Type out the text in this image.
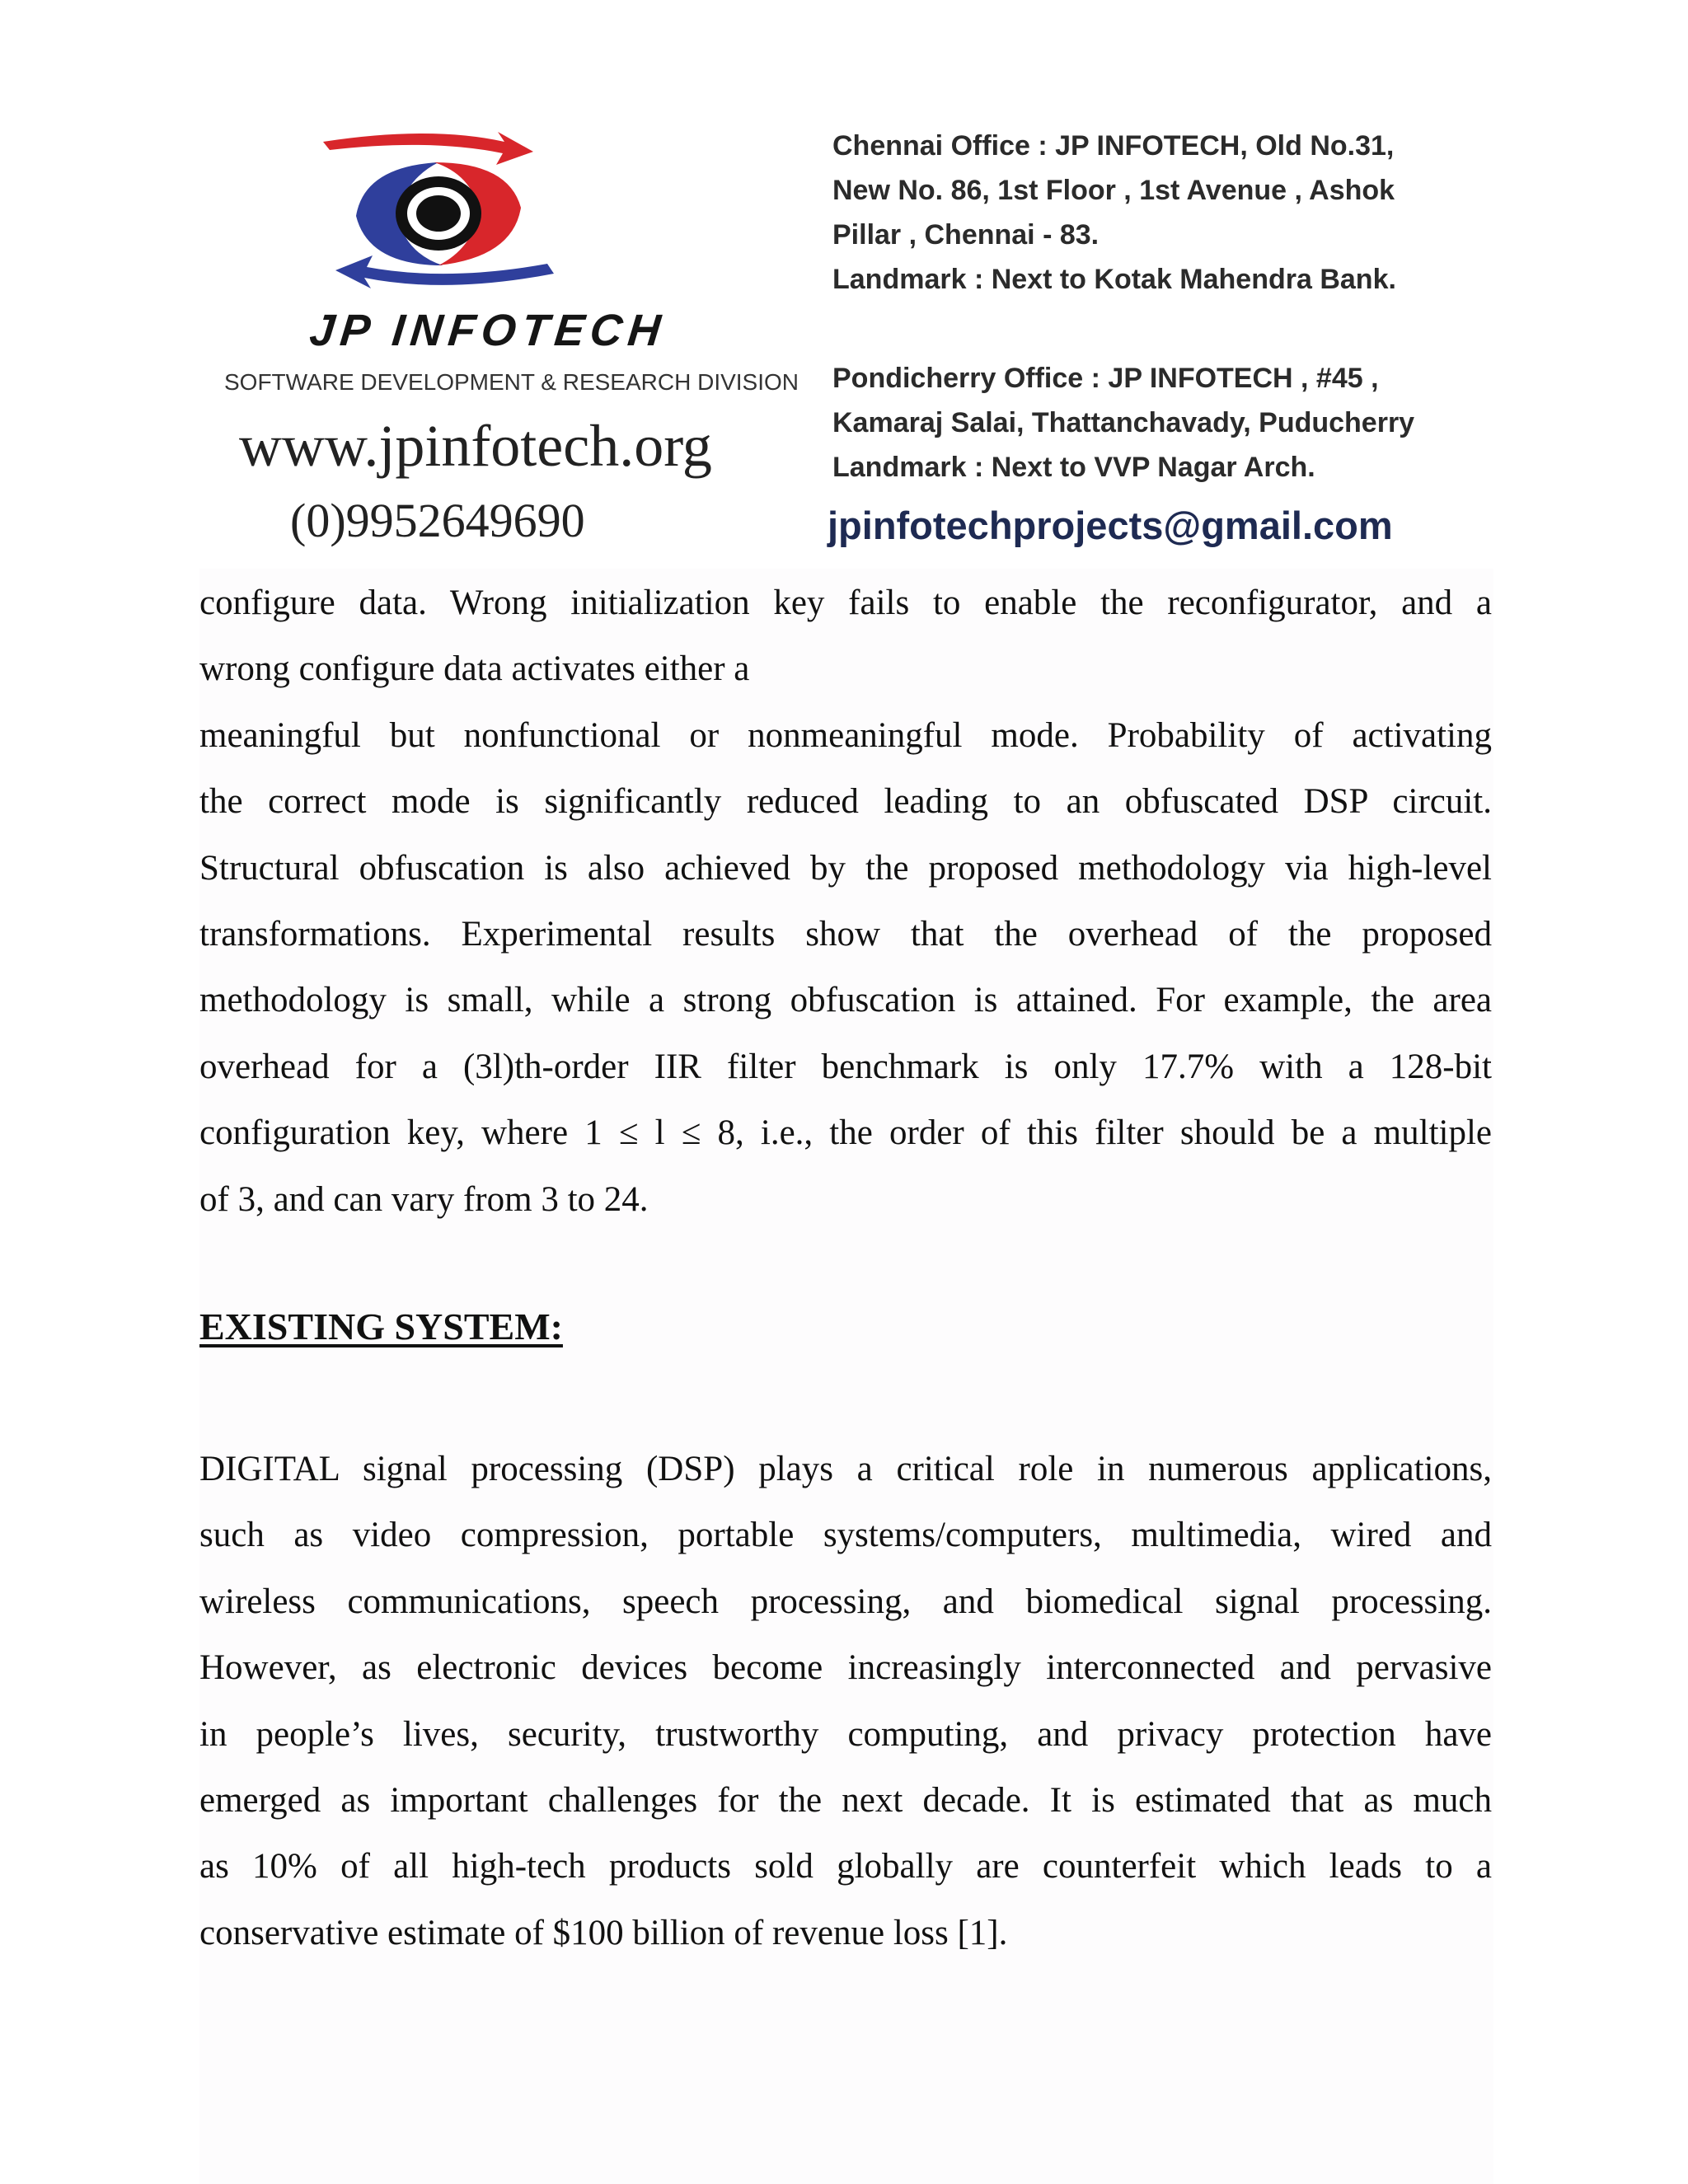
JP INFOTECH
SOFTWARE DEVELOPMENT & RESEARCH DIVISION
www.jpinfotech.org
(0)9952649690
Chennai Office : JP INFOTECH, Old No.31,
New No. 86, 1st Floor , 1st Avenue , Ashok
Pillar , Chennai - 83.
Landmark : Next to Kotak Mahendra Bank.
Pondicherry Office : JP INFOTECH , #45 ,
Kamaraj Salai, Thattanchavady, Puducherry
Landmark : Next to VVP Nagar Arch.
jpinfotechprojects@gmail.com
configure data. Wrong initialization key fails to enable the reconfigurator, and a
wrong configure data activates either a
meaningful but nonfunctional or nonmeaningful mode. Probability of activating
the correct mode is significantly reduced leading to an obfuscated DSP circuit.
Structural obfuscation is also achieved by the proposed methodology via high-level
transformations. Experimental results show that the overhead of the proposed
methodology is small, while a strong obfuscation is attained. For example, the area
overhead for a (3l)th-order IIR filter benchmark is only 17.7% with a 128-bit
configuration key, where 1 ≤ l ≤ 8, i.e., the order of this filter should be a multiple
of 3, and can vary from 3 to 24.
EXISTING SYSTEM:
DIGITAL signal processing (DSP) plays a critical role in numerous applications,
such as video compression, portable systems/computers, multimedia, wired and
wireless communications, speech processing, and biomedical signal processing.
However, as electronic devices become increasingly interconnected and pervasive
in people’s lives, security, trustworthy computing, and privacy protection have
emerged as important challenges for the next decade. It is estimated that as much
as 10% of all high-tech products sold globally are counterfeit which leads to a
conservative estimate of $100 billion of revenue loss [1].
